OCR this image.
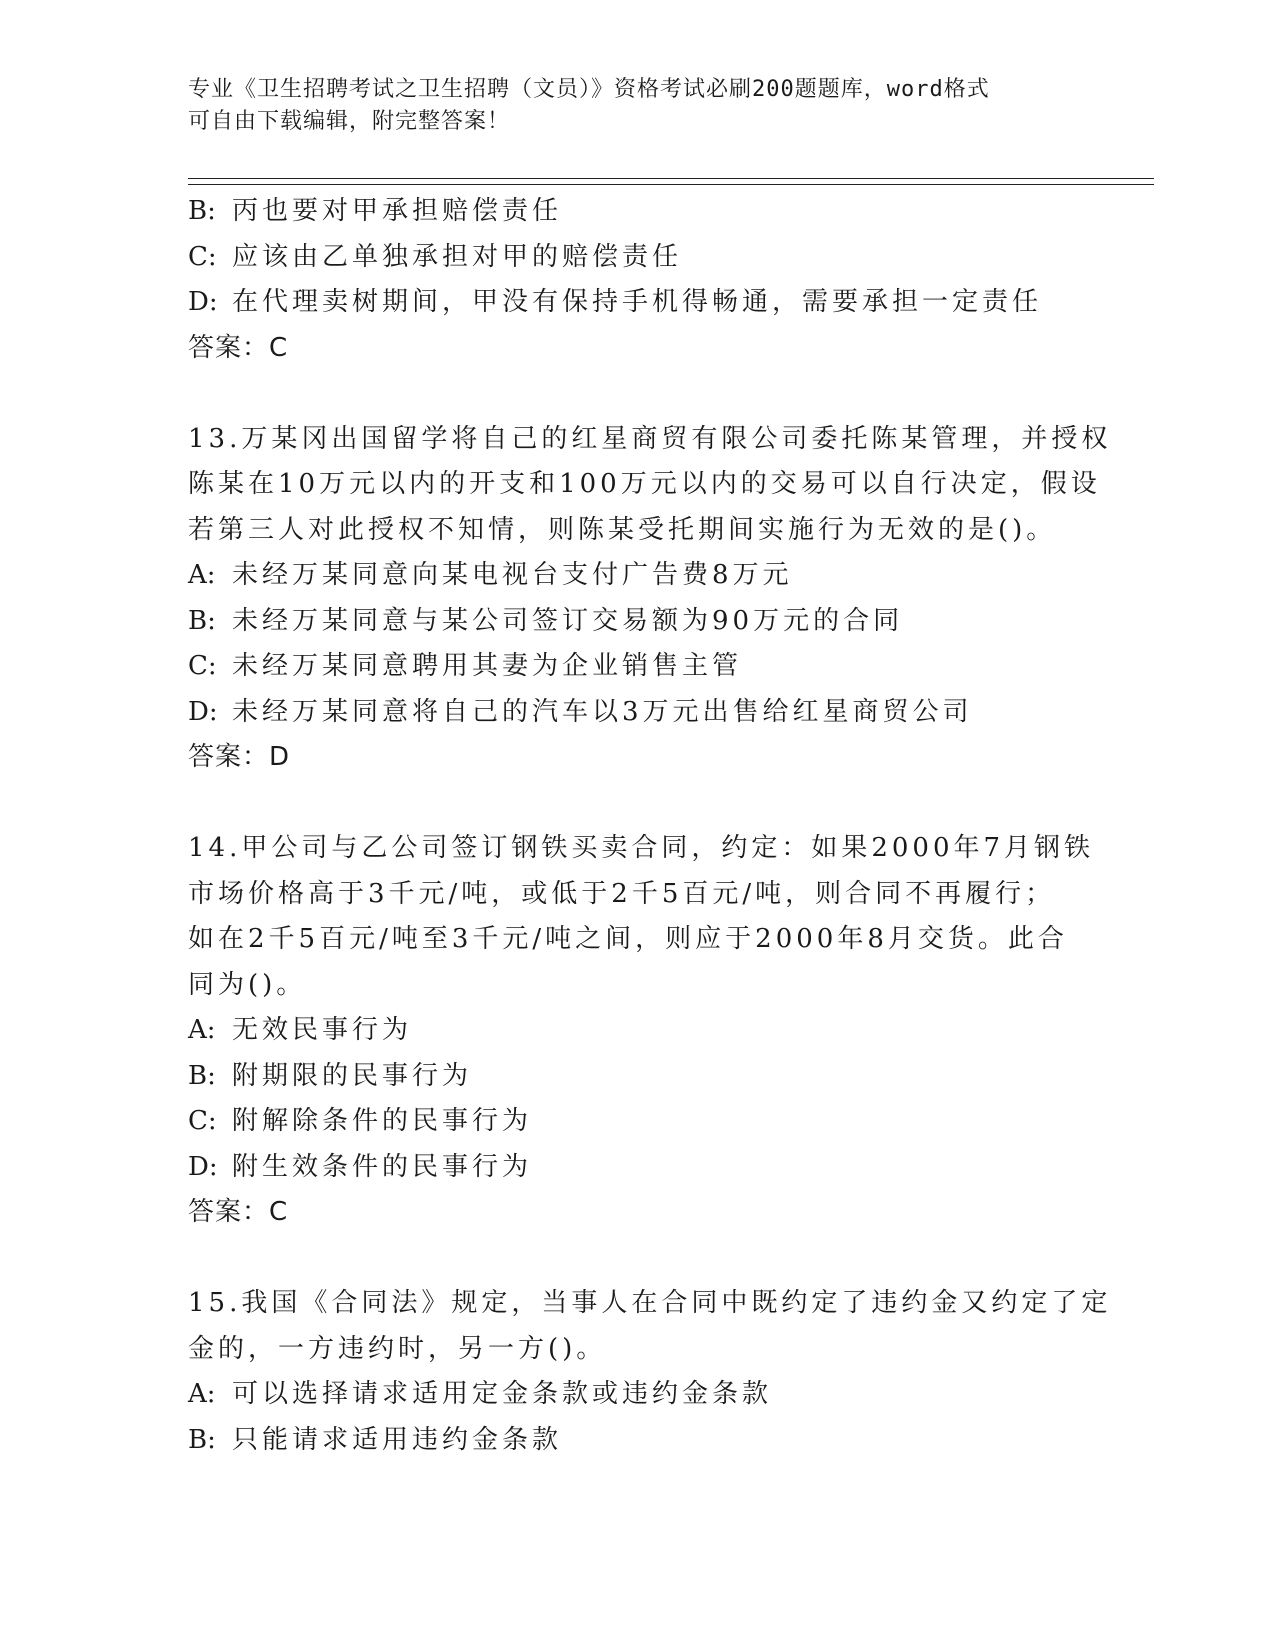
专业《卫生招聘考试之卫生招聘（文员）》资格考试必刷200题题库，word格式
可自由下载编辑，附完整答案！
B: 丙也要对甲承担赔偿责任
C: 应该由乙单独承担对甲的赔偿责任
D: 在代理卖树期间，甲没有保持手机得畅通，需要承担一定责任
答案：C
13.万某冈出国留学将自己的红星商贸有限公司委托陈某管理，并授权
陈某在10万元以内的开支和100万元以内的交易可以自行决定，假设
若第三人对此授权不知情，则陈某受托期间实施行为无效的是()。
A: 未经万某同意向某电视台支付广告费8万元
B: 未经万某同意与某公司签订交易额为90万元的合同
C: 未经万某同意聘用其妻为企业销售主管
D: 未经万某同意将自己的汽车以3万元出售给红星商贸公司
答案：D
14.甲公司与乙公司签订钢铁买卖合同，约定：如果2000年7月钢铁
市场价格高于3千元/吨，或低于2千5百元/吨，则合同不再履行；
如在2千5百元/吨至3千元/吨之间，则应于2000年8月交货。此合
同为()。
A: 无效民事行为
B: 附期限的民事行为
C: 附解除条件的民事行为
D: 附生效条件的民事行为
答案：C
15.我国《合同法》规定，当事人在合同中既约定了违约金又约定了定
金的，一方违约时，另一方()。
A: 可以选择请求适用定金条款或违约金条款
B: 只能请求适用违约金条款
